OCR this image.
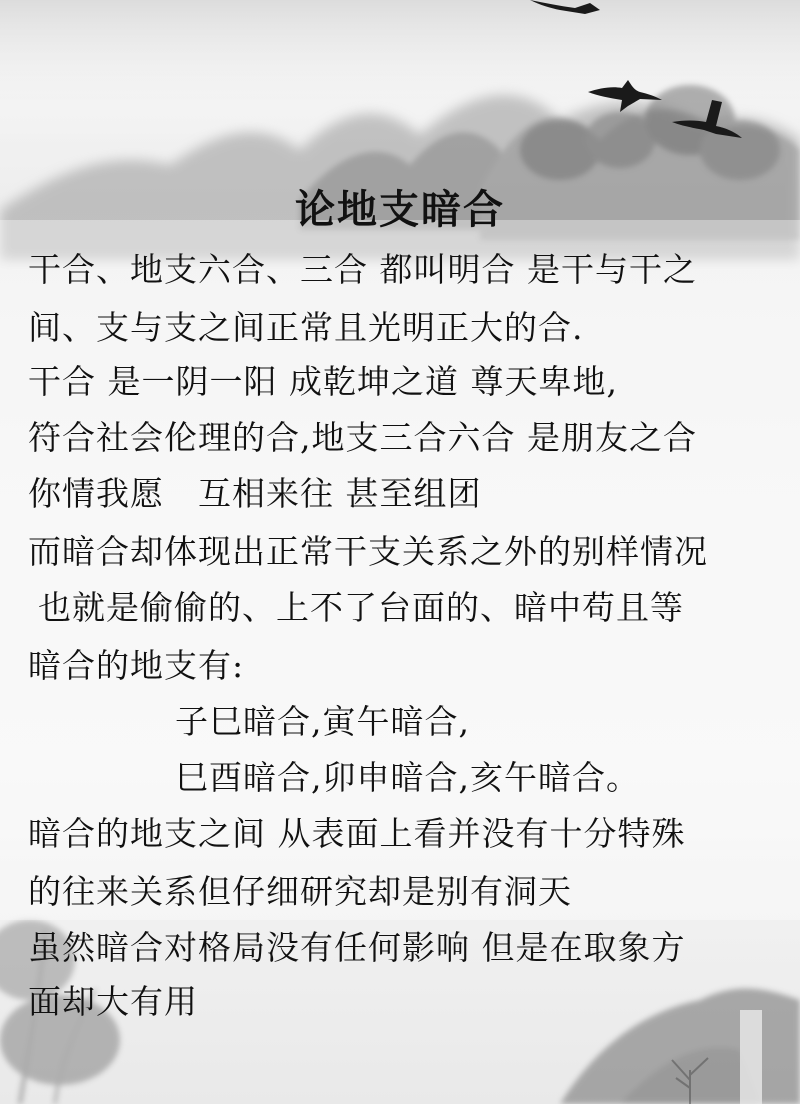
论地支暗合
干合、地支六合、三合 都叫明合 是干与干之
间、支与支之间正常且光明正大的合.
干合 是一阴一阳 成乾坤之道 尊天卑地,
符合社会伦理的合,地支三合六合 是朋友之合
你情我愿　互相来往 甚至组团
而暗合却体现出正常干支关系之外的别样情况
也就是偷偷的、上不了台面的、暗中苟且等
暗合的地支有:
子巳暗合,寅午暗合,
巳酉暗合,卯申暗合,亥午暗合。
暗合的地支之间 从表面上看并没有十分特殊
的往来关系但仔细研究却是别有洞天
虽然暗合对格局没有任何影响 但是在取象方
面却大有用
